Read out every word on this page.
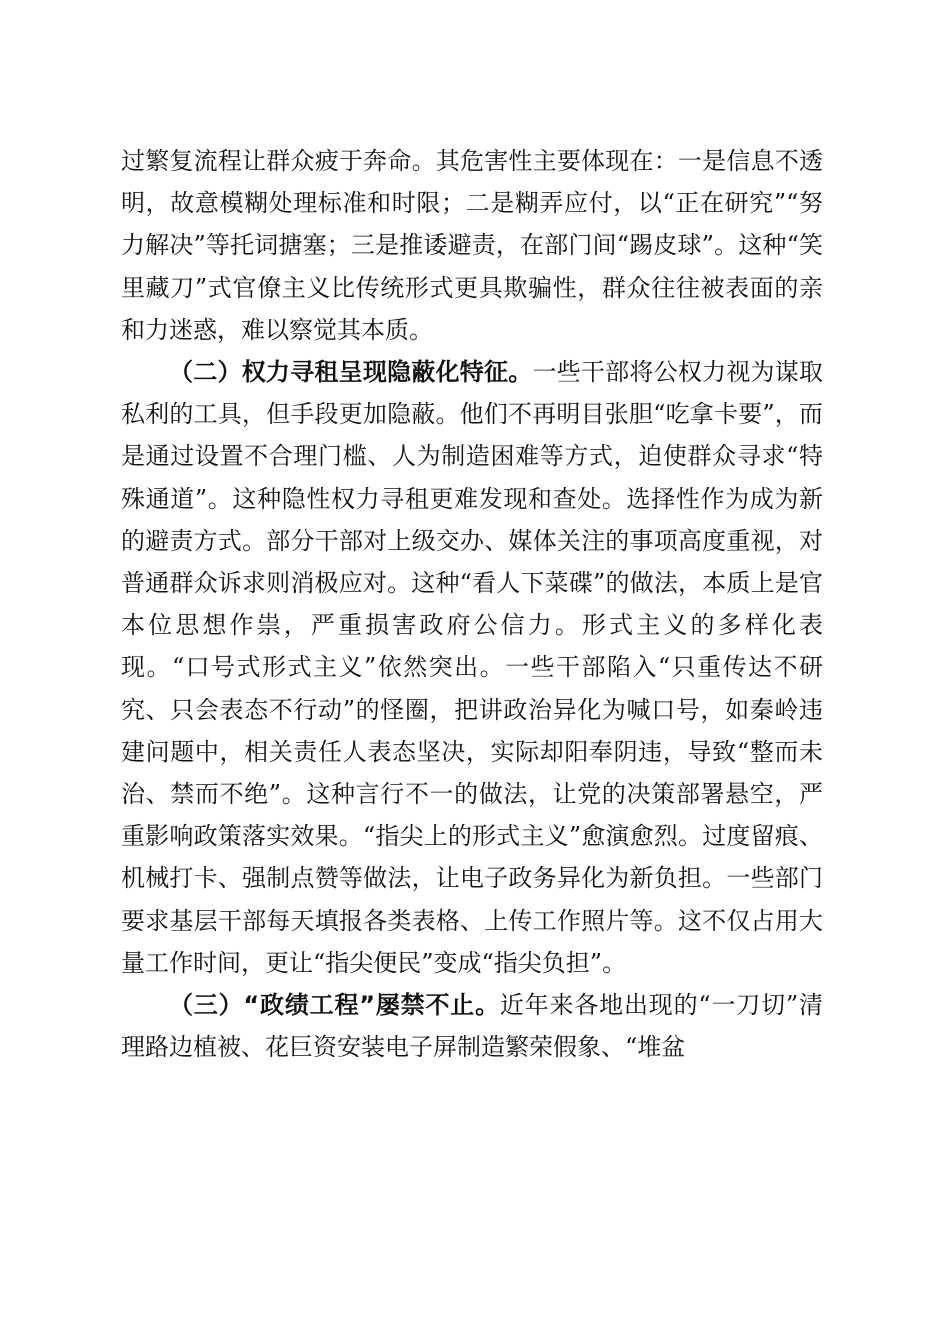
过繁复流程让群众疲于奔命。其危害性主要体现在：一是信息不透明，故意模糊处理标准和时限；二是糊弄应付，以“正在研究”“努力解决”等托词搪塞；三是推诿避责，在部门间“踢皮球”。这种“笑里藏刀”式官僚主义比传统形式更具欺骗性，群众往往被表面的亲和力迷惑，难以察觉其本质。

（二）权力寻租呈现隐蔽化特征。一些干部将公权力视为谋取私利的工具，但手段更加隐蔽。他们不再明目张胆“吃拿卡要”，而是通过设置不合理门槛、人为制造困难等方式，迫使群众寻求“特殊通道”。这种隐性权力寻租更难发现和查处。选择性作为成为新的避责方式。部分干部对上级交办、媒体关注的事项高度重视，对普通群众诉求则消极应对。这种“看人下菜碟”的做法，本质上是官本位思想作祟，严重损害政府公信力。形式主义的多样化表现。“口号式形式主义”依然突出。一些干部陷入“只重传达不研究、只会表态不行动”的怪圈，把讲政治异化为喊口号，如秦岭违建问题中，相关责任人表态坚决，实际却阳奉阴违，导致“整而未治、禁而不绝”。这种言行不一的做法，让党的决策部署悬空，严重影响政策落实效果。“指尖上的形式主义”愈演愈烈。过度留痕、机械打卡、强制点赞等做法，让电子政务异化为新负担。一些部门要求基层干部每天填报各类表格、上传工作照片等。这不仅占用大量工作时间，更让“指尖便民”变成“指尖负担”。

（三）“政绩工程”屡禁不止。近年来各地出现的“一刀切”清理路边植被、花巨资安装电子屏制造繁荣假象、“堆盆
